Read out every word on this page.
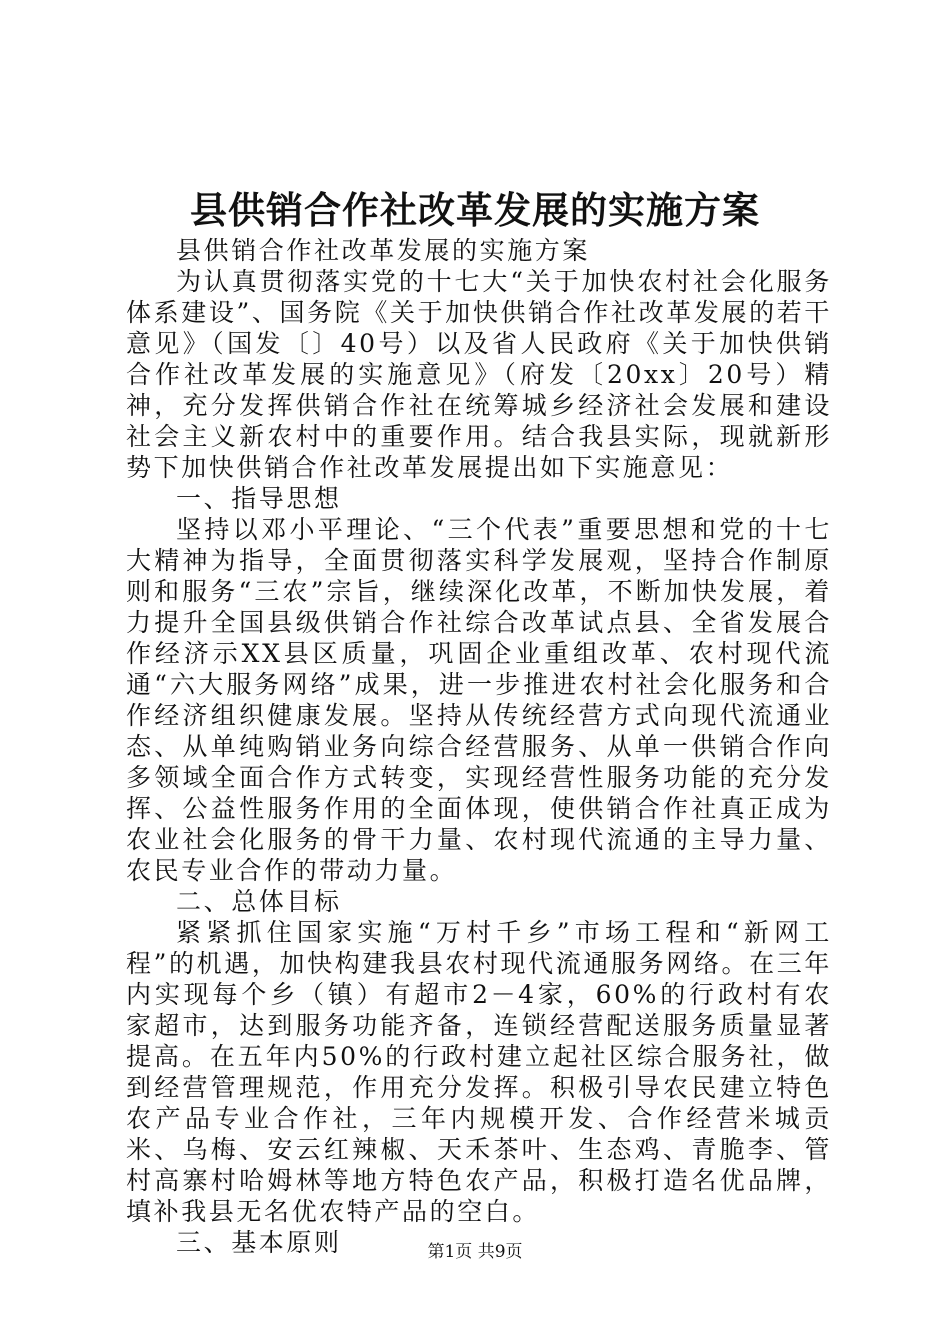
县供销合作社改革发展的实施方案

县供销合作社改革发展的实施方案

为认真贯彻落实党的十七大“关于加快农村社会化服务体系建设”、国务院《关于加快供销合作社改革发展的若干意见》（国发〔〕40号）以及省人民政府《关于加快供销合作社改革发展的实施意见》（府发〔20xx〕20号）精神，充分发挥供销合作社在统筹城乡经济社会发展和建设社会主义新农村中的重要作用。结合我县实际，现就新形势下加快供销合作社改革发展提出如下实施意见：

一、指导思想

坚持以邓小平理论、“三个代表”重要思想和党的十七大精神为指导，全面贯彻落实科学发展观，坚持合作制原则和服务“三农”宗旨，继续深化改革，不断加快发展，着力提升全国县级供销合作社综合改革试点县、全省发展合作经济示XX县区质量，巩固企业重组改革、农村现代流通“六大服务网络”成果，进一步推进农村社会化服务和合作经济组织健康发展。坚持从传统经营方式向现代流通业态、从单纯购销业务向综合经营服务、从单一供销合作向多领域全面合作方式转变，实现经营性服务功能的充分发挥、公益性服务作用的全面体现，使供销合作社真正成为农业社会化服务的骨干力量、农村现代流通的主导力量、农民专业合作的带动力量。

二、总体目标

紧紧抓住国家实施“万村千乡”市场工程和“新网工程”的机遇，加快构建我县农村现代流通服务网络。在三年内实现每个乡（镇）有超市2－4家，60%的行政村有农家超市，达到服务功能齐备，连锁经营配送服务质量显著提高。在五年内50%的行政村建立起社区综合服务社，做到经营管理规范，作用充分发挥。积极引导农民建立特色农产品专业合作社，三年内规模开发、合作经营米城贡米、乌梅、安云红辣椒、天禾茶叶、生态鸡、青脆李、管村高寨村哈姆林等地方特色农产品，积极打造名优品牌，填补我县无名优农特产品的空白。

三、基本原则	第1页 共9页
